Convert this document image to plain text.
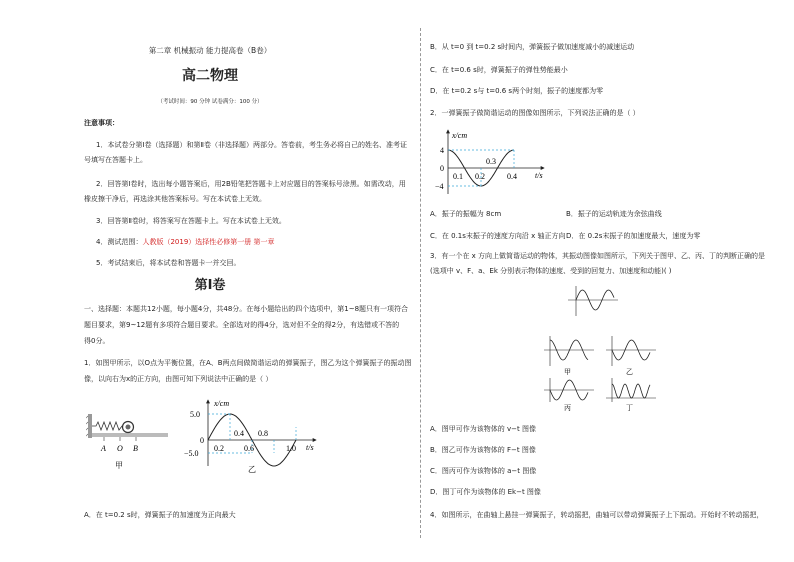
第二章 机械振动 能力提高卷（B卷）
高二物理
（考试时间：90 分钟 试卷满分：100 分）
注意事项：
1．本试卷分第Ⅰ卷（选择题）和第Ⅱ卷（非选择题）两部分。答卷前，考生务必将自己的姓名、准考证
号填写在答题卡上。
2．回答第Ⅰ卷时，选出每小题答案后，用2B铅笔把答题卡上对应题目的答案标号涂黑。如需改动，用
橡皮擦干净后，再选涂其他答案标号。写在本试卷上无效。
3．回答第Ⅱ卷时，将答案写在答题卡上。写在本试卷上无效。
4．测试范围：人教版（2019）选择性必修第一册 第一章
5．考试结束后，将本试卷和答题卡一并交回。
第Ⅰ卷
一、选择题：本题共12小题，每小题4分，共48分。在每小题给出的四个选项中，第1~8题只有一项符合
题目要求，第9~12题有多项符合题目要求。全部选对的得4分，选对但不全的得2分，有选错或不答的
得0分。
1．如图甲所示，以O点为平衡位置，在A、B两点间做简谐运动的弹簧振子，图乙为这个弹簧振子的振动图
像，以向右为x的正方向，由图可知下列说法中正确的是（ ）
A O B
甲
x/cm
t/s
5.0
0
−5.0
0.2
0.4
0.6
0.8
1.0
乙
A．在 t=0.2 s时，弹簧振子的加速度为正向最大
B．从 t=0 到 t=0.2 s时间内，弹簧振子做加速度减小的减速运动
C．在 t=0.6 s时，弹簧振子的弹性势能最小
D．在 t=0.2 s与 t=0.6 s两个时刻，振子的速度都为零
2．一弹簧振子做简谐运动的图像如图所示，下列说法正确的是（ ）
x/cm
t/s
4
0
−4
0.1 0.2
0.3
0.4
A．振子的振幅为 8cm	B．振子的运动轨迹为余弦曲线
C．在 0.1s末振子的速度方向沿 x 轴正方向 D．在 0.2s末振子的加速度最大，速度为零
3．有一个在 x 方向上做简谐运动的物体，其振动图像如图所示，下列关于图甲、乙、丙、丁的判断正确的是
(选项中 v、F、a、Ek 分别表示物体的速度、受到的回复力、加速度和动能)( )
甲	乙
丙	丁
A．图甲可作为该物体的 v−t 图像
B．图乙可作为该物体的 F−t 图像
C．图丙可作为该物体的 a−t 图像
D．图丁可作为该物体的 Ek−t 图像
4．如图所示，在曲轴上悬挂一弹簧振子，转动摇把，曲轴可以带动弹簧振子上下振动。开始时不转动摇把，
